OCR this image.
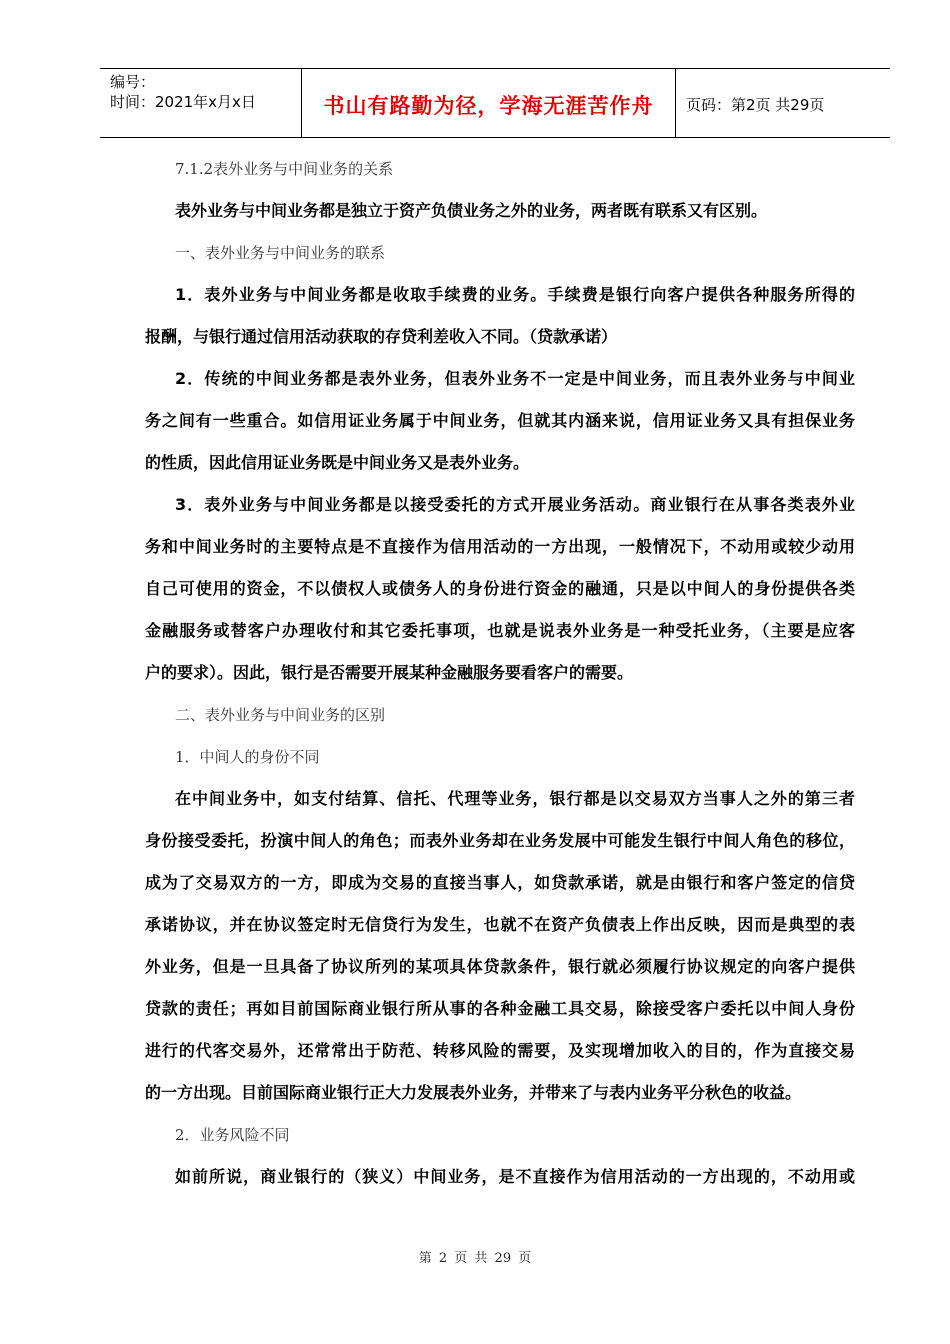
编号：
时间：2021年x月x日	书山有路勤为径，学海无涯苦作舟	页码：第2页 共29页
7.1.2表外业务与中间业务的关系
表外业务与中间业务都是独立于资产负债业务之外的业务，两者既有联系又有区别。
一、表外业务与中间业务的联系
1．表外业务与中间业务都是收取手续费的业务。手续费是银行向客户提供各种服务所得的
报酬，与银行通过信用活动获取的存贷利差收入不同。（贷款承诺）
2．传统的中间业务都是表外业务，但表外业务不一定是中间业务，而且表外业务与中间业
务之间有一些重合。如信用证业务属于中间业务，但就其内涵来说，信用证业务又具有担保业务
的性质，因此信用证业务既是中间业务又是表外业务。
3．表外业务与中间业务都是以接受委托的方式开展业务活动。商业银行在从事各类表外业
务和中间业务时的主要特点是不直接作为信用活动的一方出现，一般情况下，不动用或较少动用
自己可使用的资金，不以债权人或债务人的身份进行资金的融通，只是以中间人的身份提供各类
金融服务或替客户办理收付和其它委托事项，也就是说表外业务是一种受托业务，（主要是应客
户的要求）。因此，银行是否需要开展某种金融服务要看客户的需要。
二、表外业务与中间业务的区别
1．中间人的身份不同
在中间业务中，如支付结算、信托、代理等业务，银行都是以交易双方当事人之外的第三者
身份接受委托，扮演中间人的角色；而表外业务却在业务发展中可能发生银行中间人角色的移位，
成为了交易双方的一方，即成为交易的直接当事人，如贷款承诺，就是由银行和客户签定的信贷
承诺协议，并在协议签定时无信贷行为发生，也就不在资产负债表上作出反映，因而是典型的表
外业务，但是一旦具备了协议所列的某项具体贷款条件，银行就必须履行协议规定的向客户提供
贷款的责任；再如目前国际商业银行所从事的各种金融工具交易，除接受客户委托以中间人身份
进行的代客交易外，还常常出于防范、转移风险的需要，及实现增加收入的目的，作为直接交易
的一方出现。目前国际商业银行正大力发展表外业务，并带来了与表内业务平分秋色的收益。
2．业务风险不同
如前所说，商业银行的（狭义）中间业务，是不直接作为信用活动的一方出现的，不动用或
第 2 页 共 29 页
